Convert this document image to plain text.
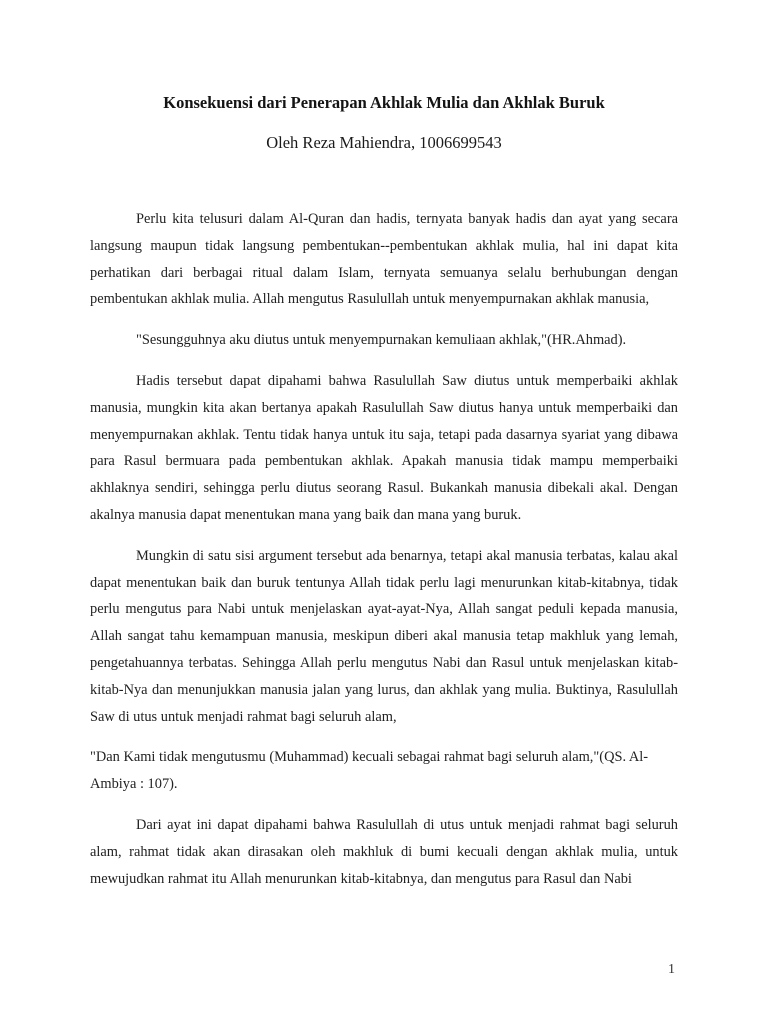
Konsekuensi dari Penerapan Akhlak Mulia dan Akhlak Buruk
Oleh Reza Mahiendra, 1006699543

Perlu kita telusuri dalam Al-Quran dan hadis, ternyata banyak hadis dan ayat yang secara langsung maupun tidak langsung pembentukan--pembentukan akhlak mulia, hal ini dapat kita perhatikan dari berbagai ritual dalam Islam, ternyata semuanya selalu berhubungan dengan pembentukan akhlak mulia. Allah mengutus Rasulullah untuk menyempurnakan akhlak manusia,

"Sesungguhnya aku diutus untuk menyempurnakan kemuliaan akhlak,"(HR.Ahmad).

Hadis tersebut dapat dipahami bahwa Rasulullah Saw diutus untuk memperbaiki akhlak manusia, mungkin kita akan bertanya apakah Rasulullah Saw diutus hanya untuk memperbaiki dan menyempurnakan akhlak. Tentu tidak hanya untuk itu saja, tetapi pada dasarnya syariat yang dibawa para Rasul bermuara pada pembentukan akhlak. Apakah manusia tidak mampu memperbaiki akhlaknya sendiri, sehingga perlu diutus seorang Rasul. Bukankah manusia dibekali akal. Dengan akalnya manusia dapat menentukan mana yang baik dan mana yang buruk.

Mungkin di satu sisi argument tersebut ada benarnya, tetapi akal manusia terbatas, kalau akal dapat menentukan baik dan buruk tentunya Allah tidak perlu lagi menurunkan kitab-kitabnya, tidak perlu mengutus para Nabi untuk menjelaskan ayat-ayat-Nya, Allah sangat peduli kepada manusia, Allah sangat tahu kemampuan manusia, meskipun diberi akal manusia tetap makhluk yang lemah, pengetahuannya terbatas. Sehingga Allah perlu mengutus Nabi dan Rasul untuk menjelaskan kitab-kitab-Nya dan menunjukkan manusia jalan yang lurus, dan akhlak yang mulia. Buktinya, Rasulullah Saw di utus untuk menjadi rahmat bagi seluruh alam,

"Dan Kami tidak mengutusmu (Muhammad) kecuali sebagai rahmat bagi seluruh alam,"(QS. Al-Ambiya : 107).

Dari ayat ini dapat dipahami bahwa Rasulullah di utus untuk menjadi rahmat bagi seluruh alam, rahmat tidak akan dirasakan oleh makhluk di bumi kecuali dengan akhlak mulia, untuk mewujudkan rahmat itu Allah menurunkan kitab-kitabnya, dan mengutus para Rasul dan Nabi

1
